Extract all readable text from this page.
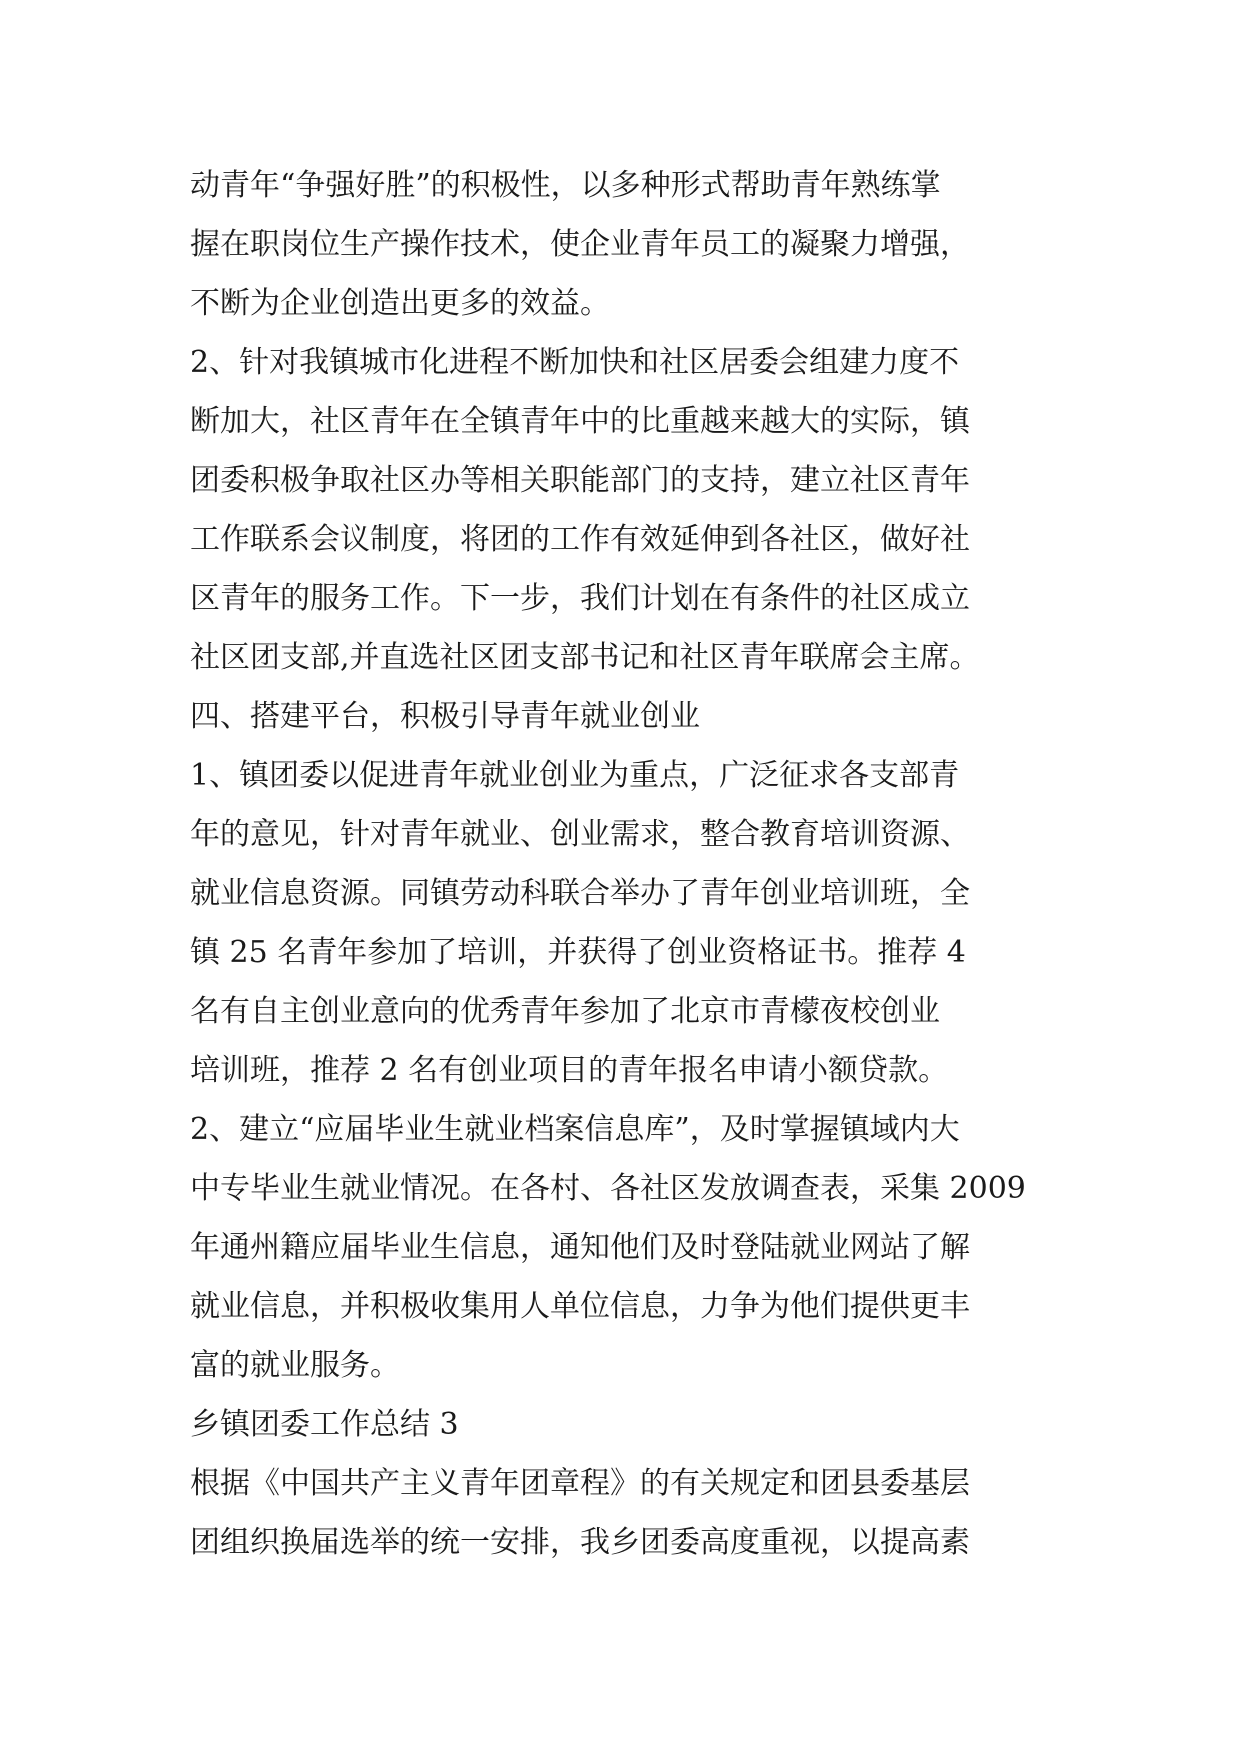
动青年“争强好胜”的积极性，以多种形式帮助青年熟练掌
握在职岗位生产操作技术，使企业青年员工的凝聚力增强，
不断为企业创造出更多的效益。
2、针对我镇城市化进程不断加快和社区居委会组建力度不
断加大，社区青年在全镇青年中的比重越来越大的实际，镇
团委积极争取社区办等相关职能部门的支持，建立社区青年
工作联系会议制度，将团的工作有效延伸到各社区，做好社
区青年的服务工作。下一步，我们计划在有条件的社区成立
社区团支部,并直选社区团支部书记和社区青年联席会主席。
四、搭建平台，积极引导青年就业创业
1、镇团委以促进青年就业创业为重点，广泛征求各支部青
年的意见，针对青年就业、创业需求，整合教育培训资源、
就业信息资源。同镇劳动科联合举办了青年创业培训班，全
镇 25 名青年参加了培训，并获得了创业资格证书。推荐 4
名有自主创业意向的优秀青年参加了北京市青檬夜校创业
培训班，推荐 2 名有创业项目的青年报名申请小额贷款。
2、建立“应届毕业生就业档案信息库”，及时掌握镇域内大
中专毕业生就业情况。在各村、各社区发放调查表，采集 2009
年通州籍应届毕业生信息，通知他们及时登陆就业网站了解
就业信息，并积极收集用人单位信息，力争为他们提供更丰
富的就业服务。
乡镇团委工作总结 3
根据《中国共产主义青年团章程》的有关规定和团县委基层
团组织换届选举的统一安排，我乡团委高度重视，以提高素
